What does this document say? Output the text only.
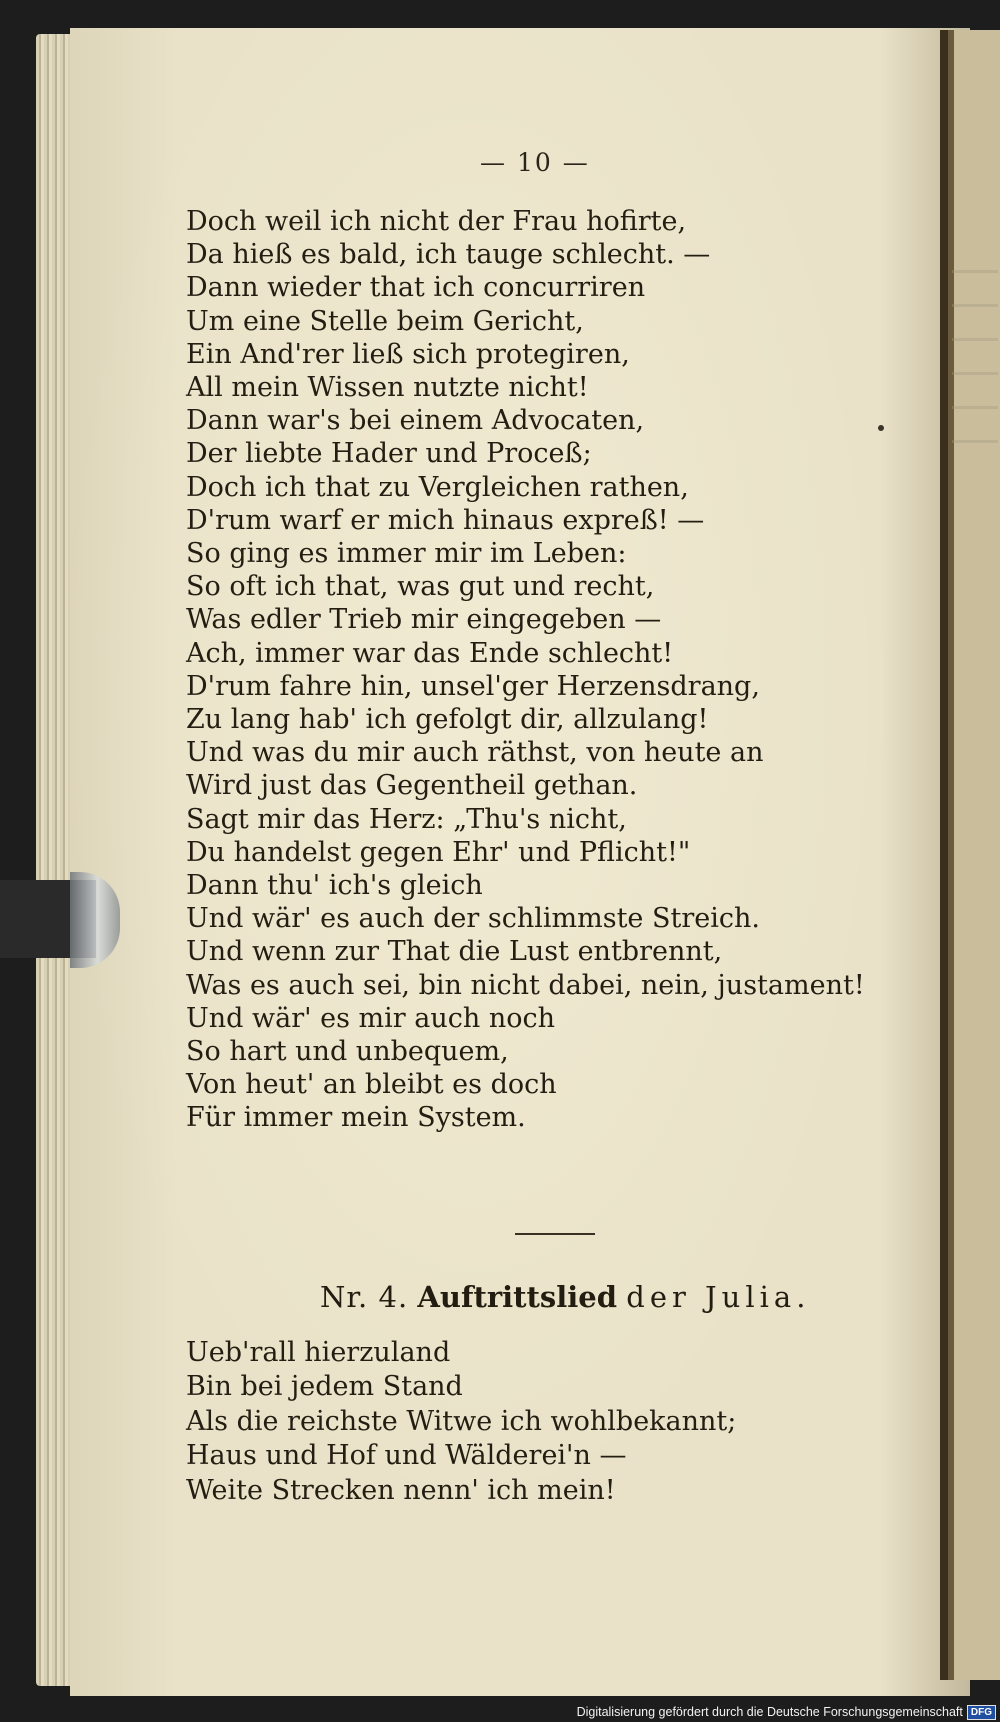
— 10 —
Doch weil ich nicht der Frau hofirte,
Da hieß es bald, ich tauge schlecht. —
Dann wieder that ich concurriren
Um eine Stelle beim Gericht,
Ein And'rer ließ sich protegiren,
All mein Wissen nutzte nicht!
Dann war's bei einem Advocaten,
Der liebte Hader und Proceß;
Doch ich that zu Vergleichen rathen,
D'rum warf er mich hinaus expreß! —
So ging es immer mir im Leben:
So oft ich that, was gut und recht,
Was edler Trieb mir eingegeben —
Ach, immer war das Ende schlecht!
D'rum fahre hin, unsel'ger Herzensdrang,
Zu lang hab' ich gefolgt dir, allzulang!
Und was du mir auch räthst, von heute an
Wird just das Gegentheil gethan.
Sagt mir das Herz: „Thu's nicht,
Du handelst gegen Ehr' und Pflicht!"
Dann thu' ich's gleich
Und wär' es auch der schlimmste Streich.
Und wenn zur That die Lust entbrennt,
Was es auch sei, bin nicht dabei, nein, justament!
Und wär' es mir auch noch
So hart und unbequem,
Von heut' an bleibt es doch
Für immer mein System.
Nr. 4. Auftrittslied der Julia.
Ueb'rall hierzuland
Bin bei jedem Stand
Als die reichste Witwe ich wohlbekannt;
Haus und Hof und Wälderei'n —
Weite Strecken nenn' ich mein!
Digitalisierung gefördert durch die Deutsche Forschungsgemeinschaft DFG
